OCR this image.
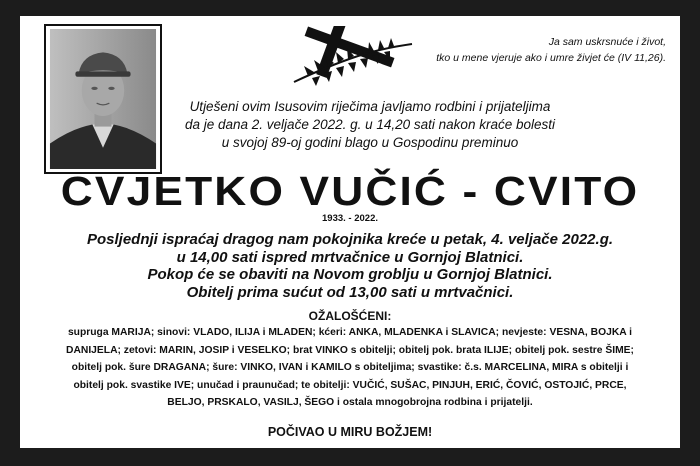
Ja sam uskrsnuće i život,
tko u mene vjeruje ako i umre živjet će (IV 11,26).
Utješeni ovim Isusovim riječima javljamo rodbini i prijateljima
da je dana 2. veljače 2022. g. u 14,20 sati nakon kraće bolesti
u svojoj 89-oj godini blago u Gospodinu preminuo
CVJETKO VUČIĆ - CVITO
1933. - 2022.
Posljednji ispraćaj dragog nam pokojnika kreće u petak, 4. veljače 2022.g.
u 14,00 sati ispred mrtvačnice u Gornjoj Blatnici.
Pokop će se obaviti na Novom groblju u Gornjoj Blatnici.
Obitelj prima sućut od 13,00 sati u mrtvačnici.
OŽALOŠĆENI:
supruga MARIJA; sinovi: VLADO, ILIJA i MLADEN; kćeri: ANKA, MLADENKA i SLAVICA; nevjeste: VESNA, BOJKA i
DANIJELA; zetovi: MARIN, JOSIP i VESELKO; brat VINKO s obitelji; obitelj pok. brata ILIJE; obitelj pok. sestre ŠIME;
obitelj pok. šure DRAGANA; šure: VINKO, IVAN i KAMILO s obiteljima; svastike: č.s. MARCELINA, MIRA s obitelji i
obitelj pok. svastike IVE; unučad i praunučad; te obitelji: VUČIĆ, SUŠAC, PINJUH, ERIĆ, ČOVIĆ, OSTOJIĆ, PRCE,
BELJO, PRSKALO, VASILJ, ŠEGO i ostala mnogobrojna rodbina i prijatelji.
POČIVAO U MIRU BOŽJEM!
